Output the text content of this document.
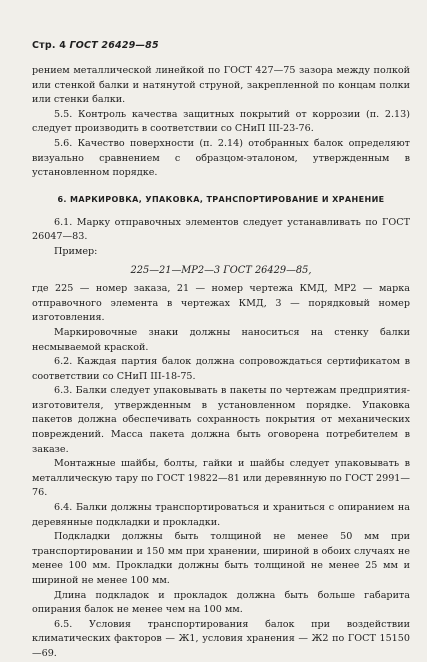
Стр. 4 ГОСТ 26429—85

рением металлической линейкой по ГОСТ 427—75 зазора между полкой или стенкой балки и натянутой струной, закрепленной по концам полки или стенки балки.

5.5. Контроль качества защитных покрытий от коррозии (п. 2.13) следует производить в соответствии со СНиП III-23-76.

5.6. Качество поверхности (п. 2.14) отобранных балок определяют визуально сравнением с образцом-эталоном, утвержденным в установленном порядке.

6. МАРКИРОВКА, УПАКОВКА, ТРАНСПОРТИРОВАНИЕ И ХРАНЕНИЕ

6.1. Марку отправочных элементов следует устанавливать по ГОСТ 26047—83.

Пример:

225—21—МР2—3 ГОСТ 26429—85,

где 225 — номер заказа, 21 — номер чертежа КМД, МР2 — марка отправочного элемента в чертежах КМД, 3 — порядковый номер изготовления.

Маркировочные знаки должны наноситься на стенку балки несмываемой краской.

6.2. Каждая партия балок должна сопровождаться сертификатом в соответствии со СНиП III-18-75.

6.3. Балки следует упаковывать в пакеты по чертежам предприятия-изготовителя, утвержденным в установленном порядке. Упаковка пакетов должна обеспечивать сохранность покрытия от механических повреждений. Масса пакета должна быть оговорена потребителем в заказе.

Монтажные шайбы, болты, гайки и шайбы следует упаковывать в металлическую тару по ГОСТ 19822—81 или деревянную по ГОСТ 2991—76.

6.4. Балки должны транспортироваться и храниться с опиранием на деревянные подкладки и прокладки.

Подкладки должны быть толщиной не менее 50 мм при транспортировании и 150 мм при хранении, шириной в обоих случаях не менее 100 мм. Прокладки должны быть толщиной не менее 25 мм и шириной не менее 100 мм.

Длина подкладок и прокладок должна быть больше габарита опирания балок не менее чем на 100 мм.

6.5. Условия транспортирования балок при воздействии климатических факторов — Ж1, условия хранения — Ж2 по ГОСТ 15150—69.
